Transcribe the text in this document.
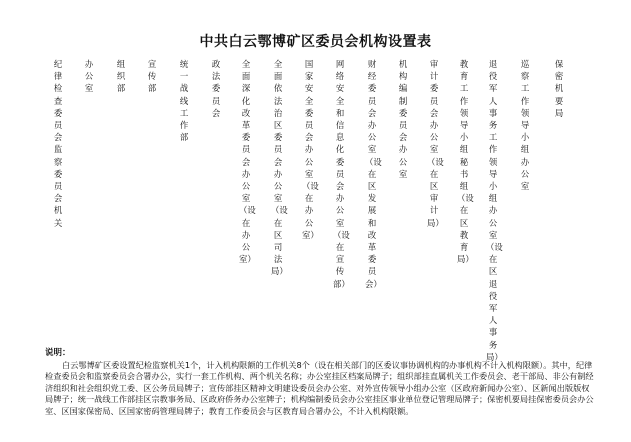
中共白云鄂博矿区委员会机构设置表
保密机要局
巡察工作领导小组办公室
退役军人事务工作领导小组办公室（设在区退役军人事务局）
教育工作领导小组秘书组（设在区教育局）
审计委员会办公室（设在区审计局）
机构编制委员会办公室
财经委员会办公室（设在区发展和改革委员会）
网络安全和信息化委员会办公室（设在宣传部）
国家安全委员会办公室（设在办公室）
全面依法治区委员会办公室（设在区司法局）
全面深化改革委员会办公室（设在办公室）
政法委员会
统一战线工作部
宣传部
组织部
办公室
纪律检查委员会监察委员会机关
说明：
白云鄂博矿区委设置纪检监察机关1个，计入机构限额的工作机关8个（设在相关部门的区委议事协调机构的办事机构不计入机构限额）。其中，纪律检查委员会和监察委员会合署办公，实行一套工作机构、两个机关名称；办公室挂区档案局牌子；组织部挂直属机关工作委员会、老干部局、非公有制经济组织和社会组织党工委、区公务员局牌子；宣传部挂区精神文明建设委员会办公室、对外宣传领导小组办公室（区政府新闻办公室）、区新闻出版版权局牌子；统一战线工作部挂区宗教事务局、区政府侨务办公室牌子；机构编制委员会办公室挂区事业单位登记管理局牌子；保密机要局挂保密委员会办公室、区国家保密局、区国家密码管理局牌子；教育工作委员会与区教育局合署办公，不计入机构限额。
